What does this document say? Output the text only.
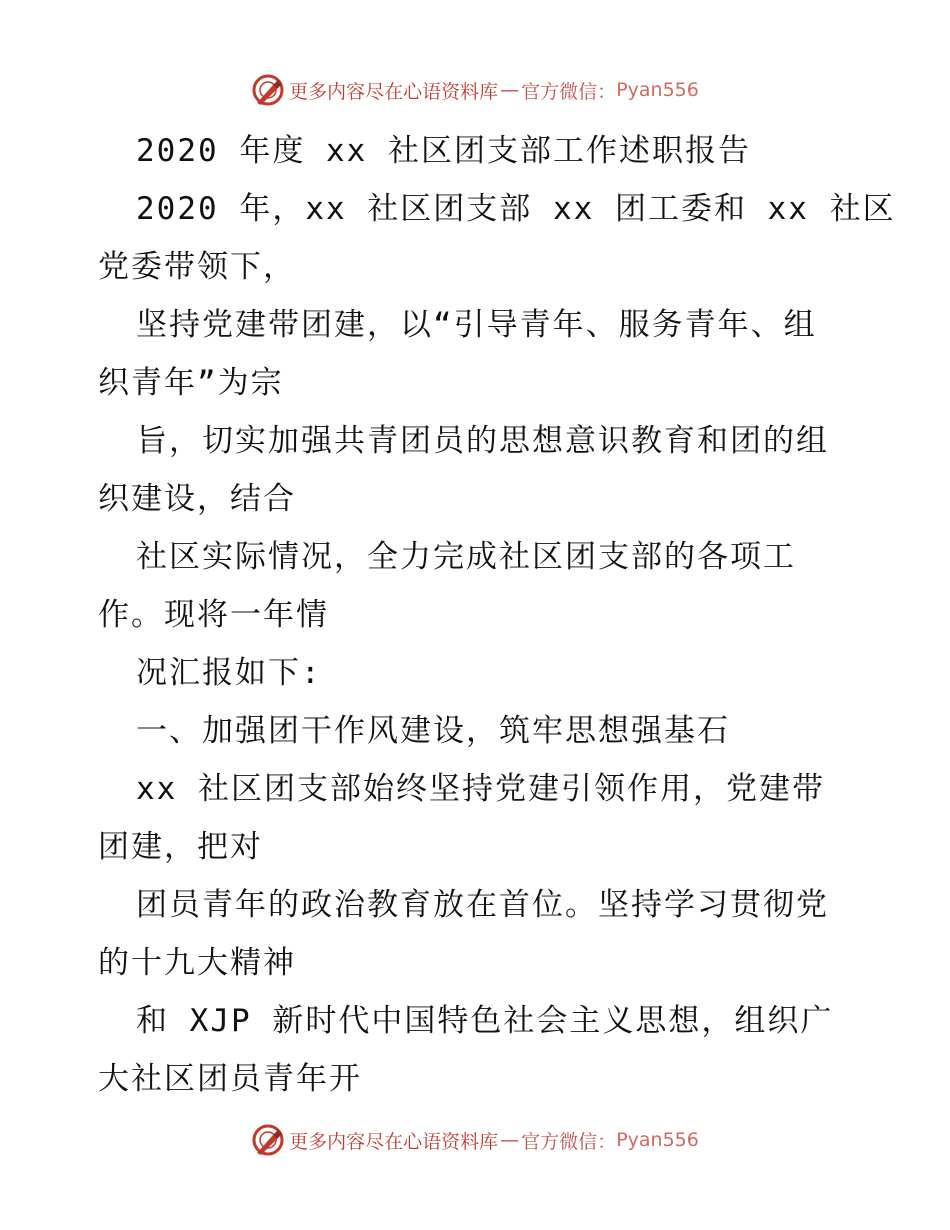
更多内容尽在心语资料库 — 官方微信： Pyan556
2020 年度 xx 社区团支部工作述职报告
2020 年，xx 社区团支部 xx 团工委和 xx 社区
党委带领下，
坚持党建带团建，以“引导青年、服务青年、组
织青年”为宗
旨，切实加强共青团员的思想意识教育和团的组
织建设，结合
社区实际情况，全力完成社区团支部的各项工
作。现将一年情
况汇报如下:
一、加强团干作风建设，筑牢思想强基石
xx 社区团支部始终坚持党建引领作用，党建带
团建，把对
团员青年的政治教育放在首位。坚持学习贯彻党
的十九大精神
和 XJP 新时代中国特色社会主义思想，组织广
大社区团员青年开
更多内容尽在心语资料库 — 官方微信： Pyan556
